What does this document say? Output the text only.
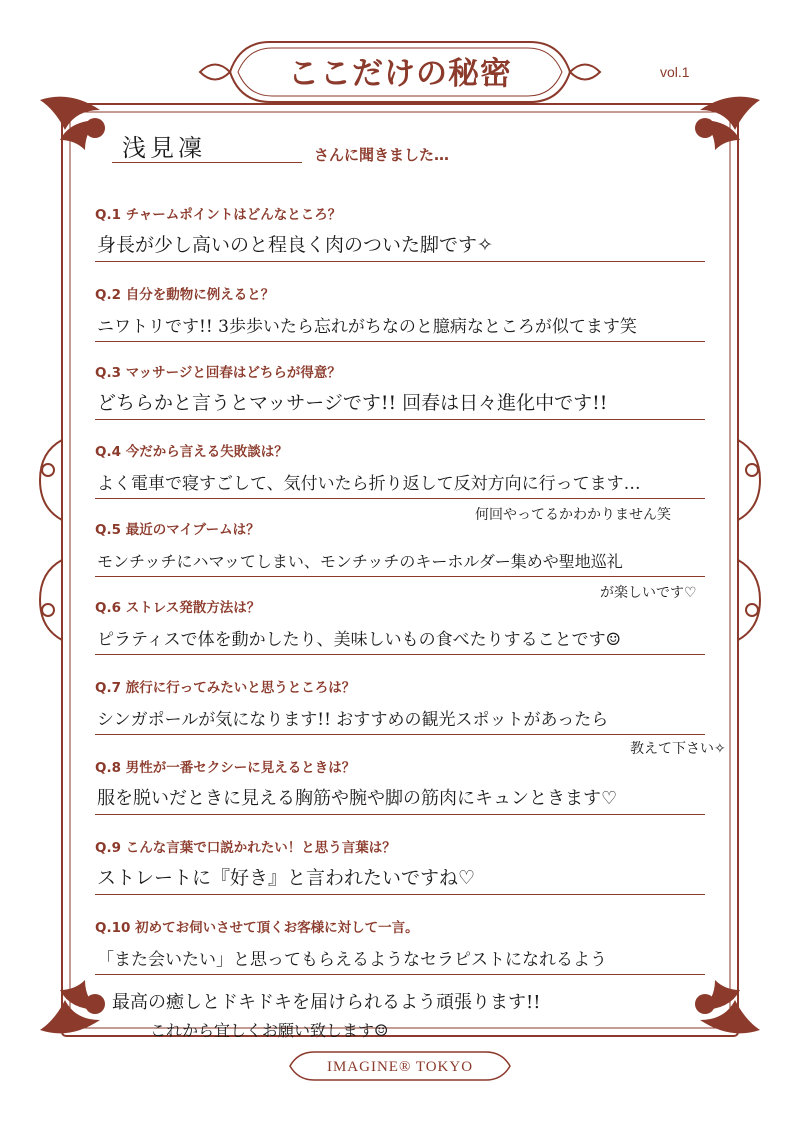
ここだけの秘密	vol.1
浅見凜	さんに聞きました…
Q.1 チャームポイントはどんなところ？
身長が少し高いのと程良く肉のついた脚です✧
Q.2 自分を動物に例えると？
ニワトリです!! 3歩歩いたら忘れがちなのと臆病なところが似てます笑
Q.3 マッサージと回春はどちらが得意？
どちらかと言うとマッサージです!! 回春は日々進化中です!!
Q.4 今だから言える失敗談は？
よく電車で寝すごして、気付いたら折り返して反対方向に行ってます…
何回やってるかわかりません笑
Q.5 最近のマイブームは？
モンチッチにハマッてしまい、モンチッチのキーホルダー集めや聖地巡礼
が楽しいです♡
Q.6 ストレス発散方法は？
ピラティスで体を動かしたり、美味しいもの食べたりすることです☺
Q.7 旅行に行ってみたいと思うところは？
シンガポールが気になります!! おすすめの観光スポットがあったら
教えて下さい✧
Q.8 男性が一番セクシーに見えるときは？
服を脱いだときに見える胸筋や腕や脚の筋肉にキュンときます♡
Q.9 こんな言葉で口説かれたい！と思う言葉は？
ストレートに『好き』と言われたいですね♡
Q.10 初めてお伺いさせて頂くお客様に対して一言。
「また会いたい」と思ってもらえるようなセラピストになれるよう
最高の癒しとドキドキを届けられるよう頑張ります!!
これから宜しくお願い致します☺
IMAGINE® TOKYO
